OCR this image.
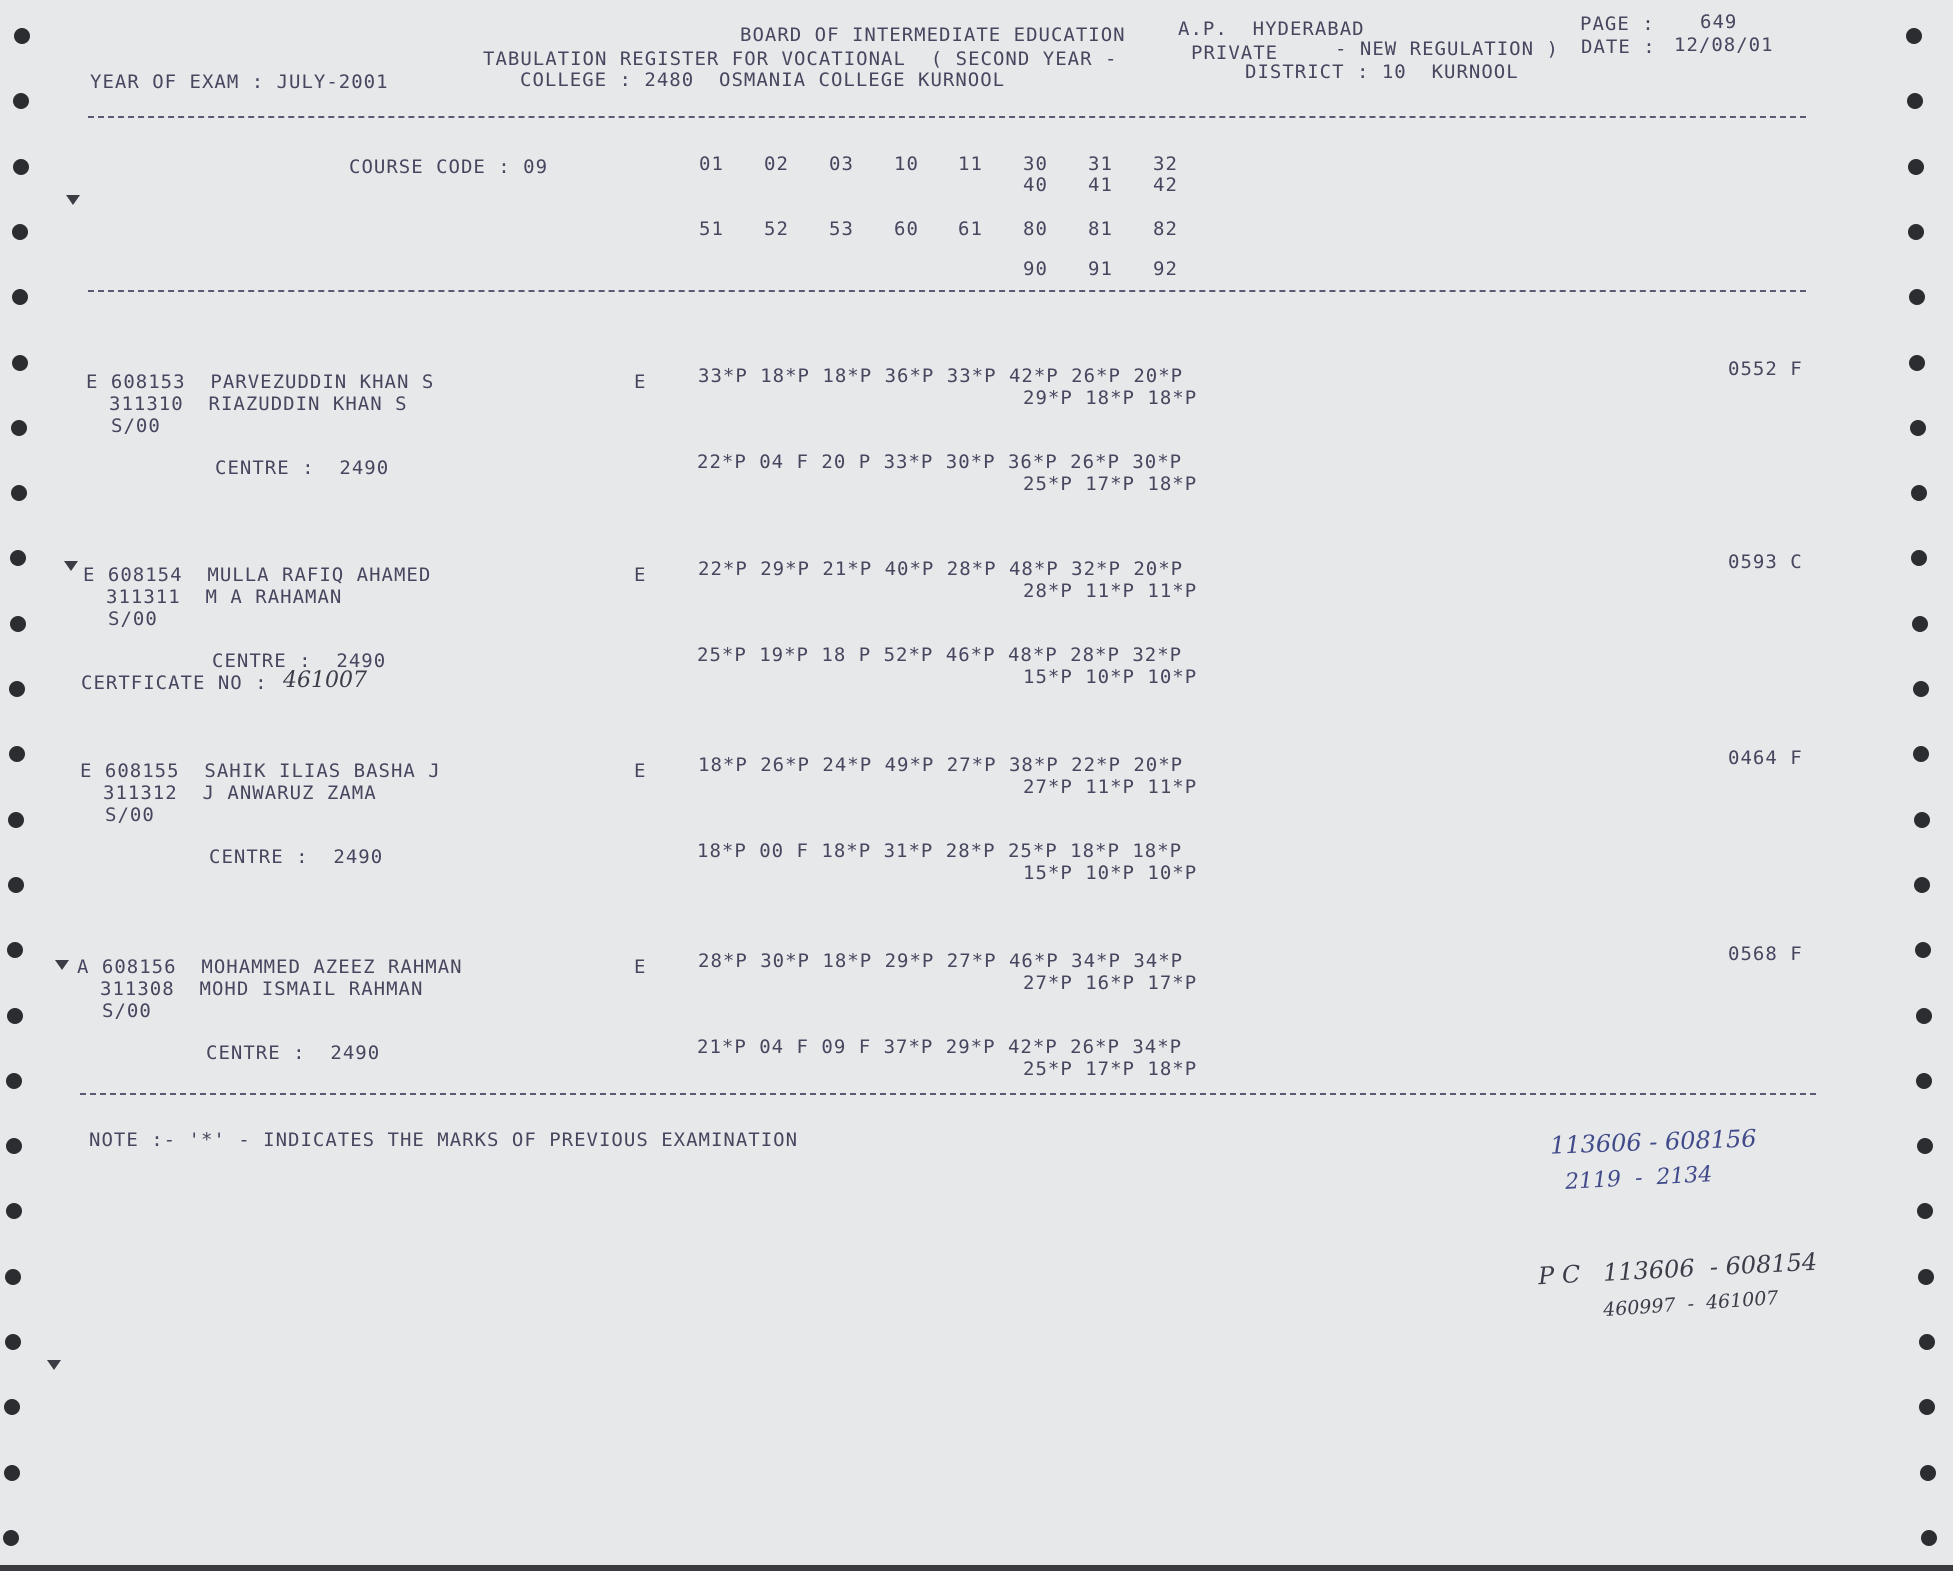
BOARD OF INTERMEDIATE EDUCATION	A.P.  HYDERABAD	PAGE : 649
TABULATION REGISTER FOR VOCATIONAL  ( SECOND YEAR -	PRIVATE	- NEW REGULATION ) DATE : 12/08/01
YEAR OF EXAM : JULY-2001	COLLEGE : 2480  OSMANIA COLLEGE KURNOOL	DISTRICT : 10  KURNOOL
COURSE CODE : 09	01 02 03 10 11 30 31 32
40 41 42
51 52 53 60 61 80 81 82
90 91 92
E 608153  PARVEZUDDIN KHAN S
311310  RIAZUDDIN KHAN S
S/00
E	33*P 18*P 18*P 36*P 33*P 42*P 26*P 20*P
29*P 18*P 18*P
CENTRE :  2490	22*P 04 F 20 P 33*P 30*P 36*P 26*P 30*P
25*P 17*P 18*P
0552 F
E 608154  MULLA RAFIQ AHAMED
311311  M A RAHAMAN
S/00
E	22*P 29*P 21*P 40*P 28*P 48*P 32*P 20*P
28*P 11*P 11*P
CENTRE :  2490	25*P 19*P 18 P 52*P 46*P 48*P 28*P 32*P
15*P 10*P 10*P
0593 C
CERTFICATE NO : 461007
E 608155  SAHIK ILIAS BASHA J
311312  J ANWARUZ ZAMA
S/00
E	18*P 26*P 24*P 49*P 27*P 38*P 22*P 20*P
27*P 11*P 11*P
CENTRE :  2490	18*P 00 F 18*P 31*P 28*P 25*P 18*P 18*P
15*P 10*P 10*P
0464 F
A 608156  MOHAMMED AZEEZ RAHMAN
311308  MOHD ISMAIL RAHMAN
S/00
E	28*P 30*P 18*P 29*P 27*P 46*P 34*P 34*P
27*P 16*P 17*P
CENTRE :  2490	21*P 04 F 09 F 37*P 29*P 42*P 26*P 34*P
25*P 17*P 18*P
0568 F
NOTE :- '*' - INDICATES THE MARKS OF PREVIOUS EXAMINATION	113606 - 608156
2119  -  2134
P C   113606  - 608154
460997  -  461007
